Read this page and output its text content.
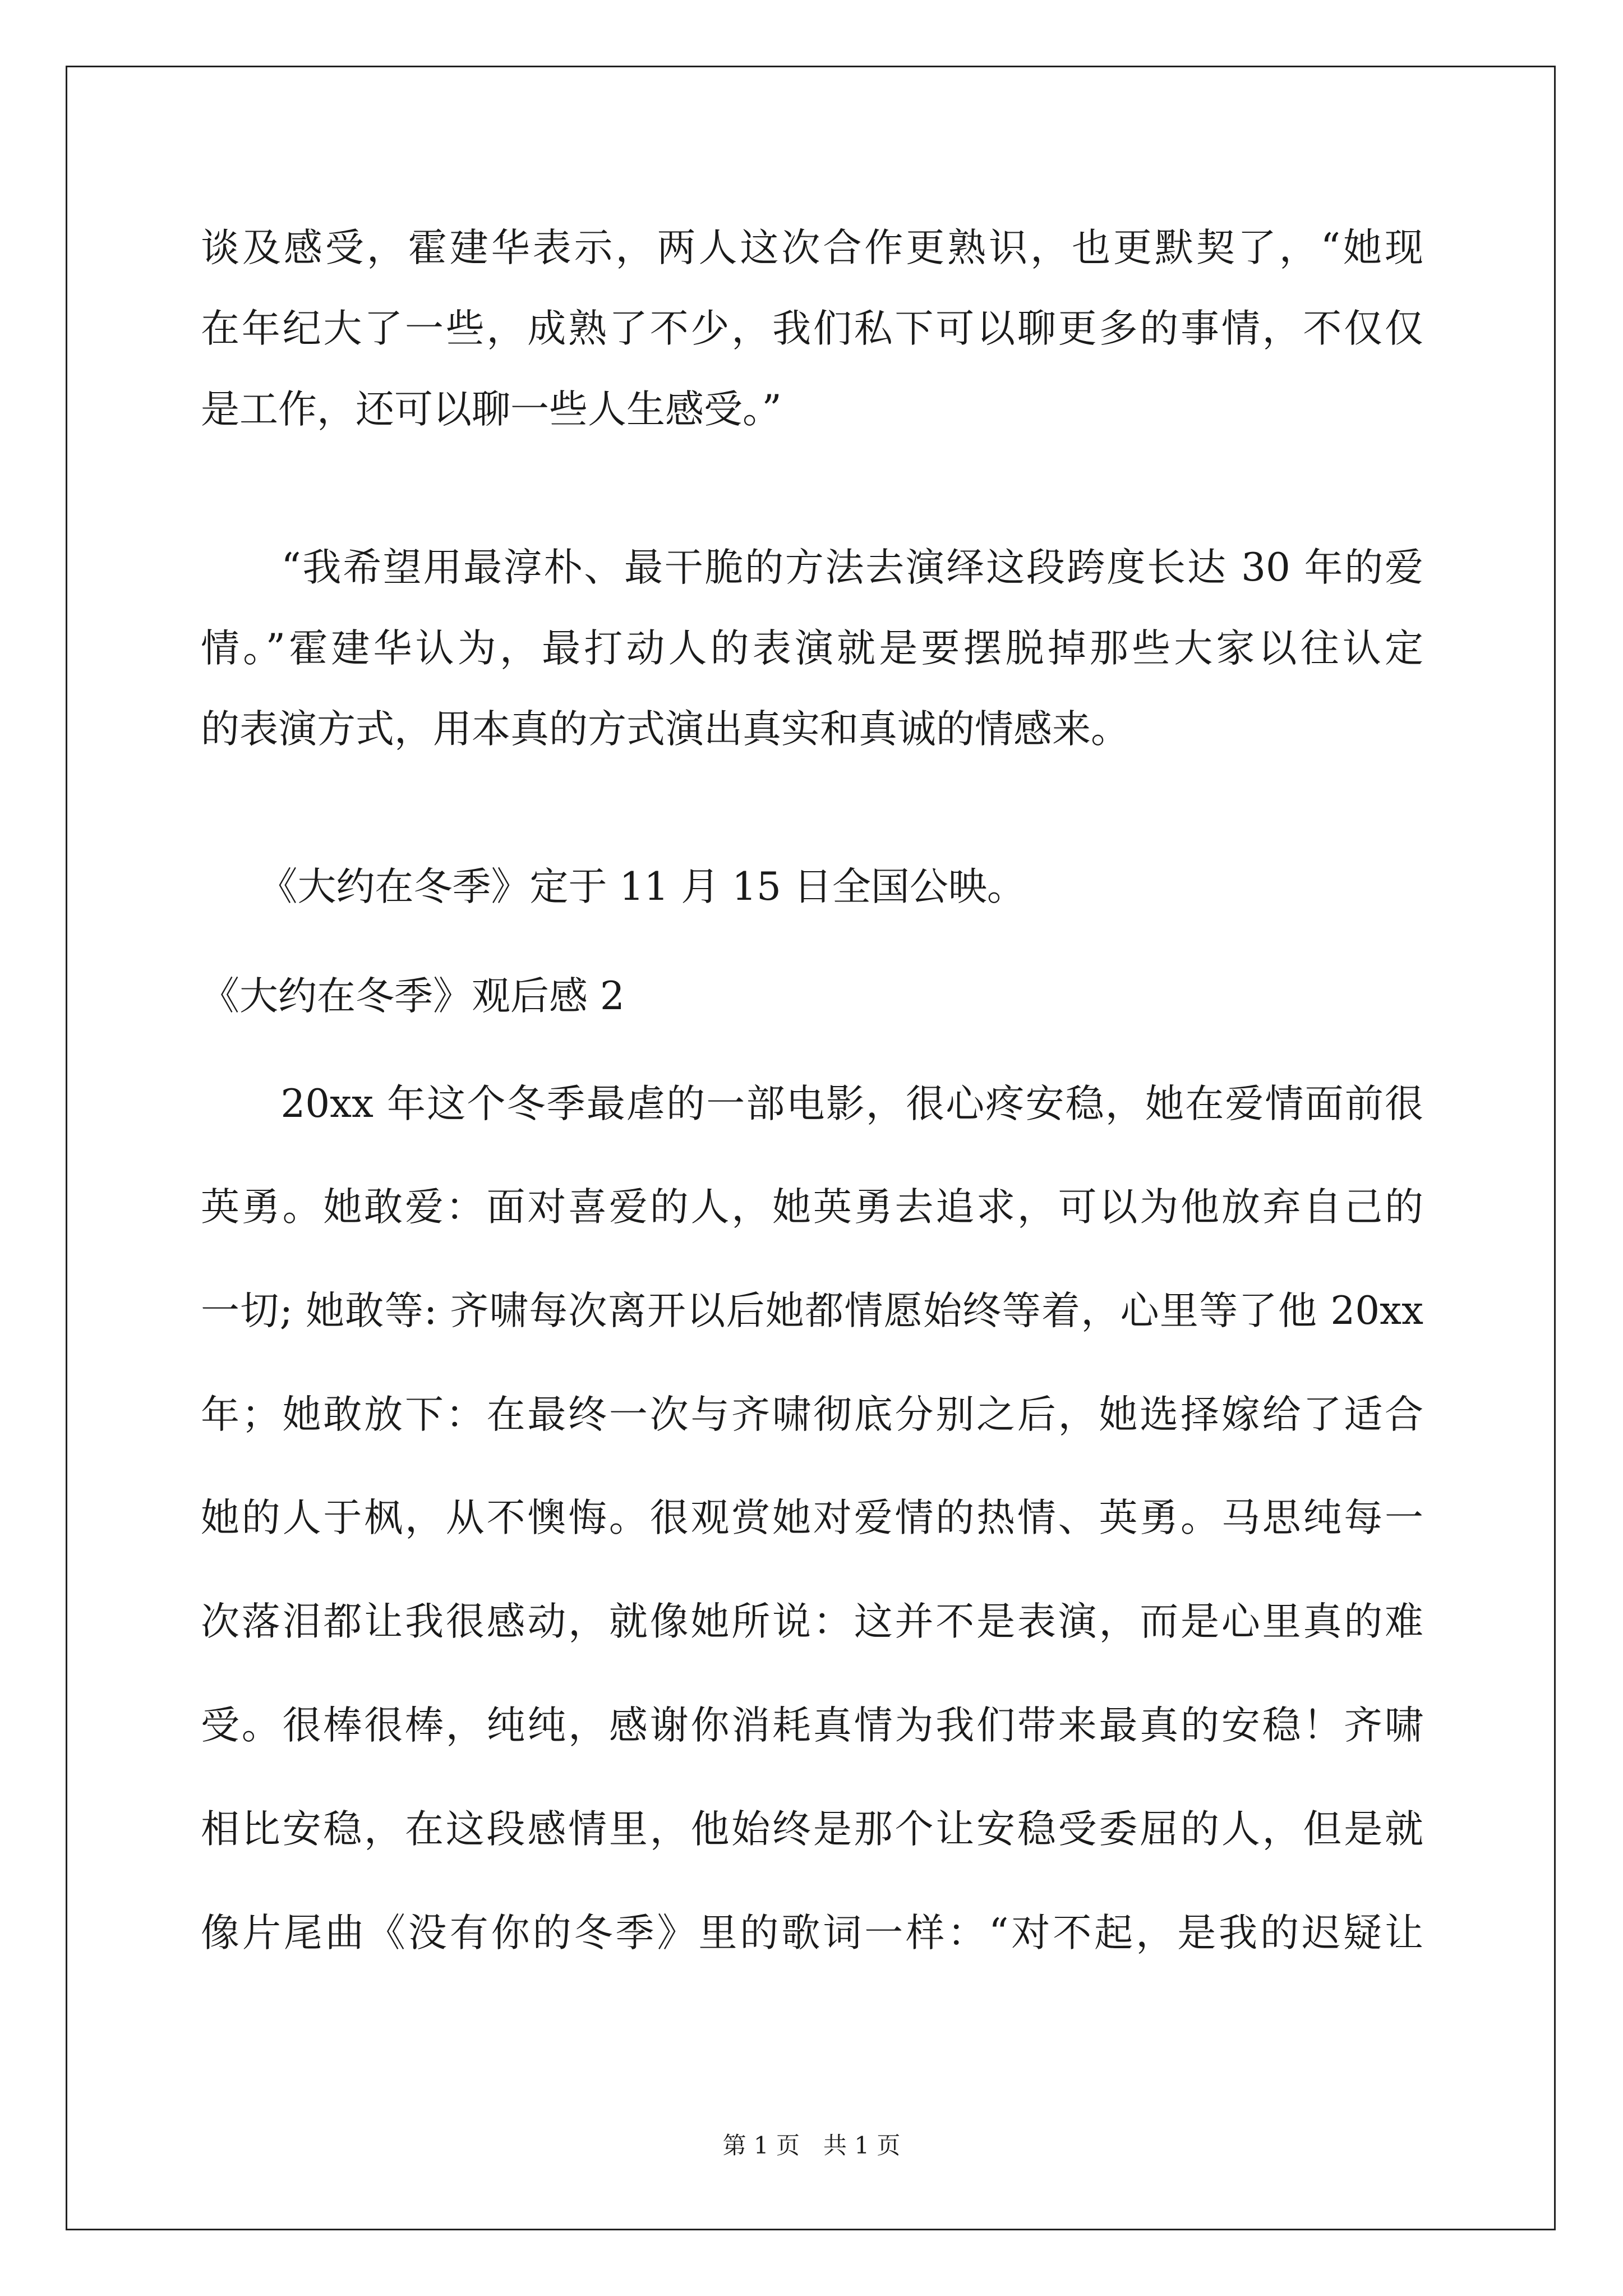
谈及感受，霍建华表示，两人这次合作更熟识，也更默契了，“她现
在年纪大了一些，成熟了不少，我们私下可以聊更多的事情，不仅仅
是工作，还可以聊一些人生感受。”
　　“我希望用最淳朴、最干脆的方法去演绎这段跨度长达 30 年的爱
情。”霍建华认为，最打动人的表演就是要摆脱掉那些大家以往认定
的表演方式，用本真的方式演出真实和真诚的情感来。
　　《大约在冬季》定于 11 月 15 日全国公映。
《大约在冬季》观后感 2
　　20xx 年这个冬季最虐的一部电影，很心疼安稳，她在爱情面前很
英勇。她敢爱：面对喜爱的人，她英勇去追求，可以为他放弃自己的
一切; 她敢等: 齐啸每次离开以后她都情愿始终等着，心里等了他 20xx
年；她敢放下：在最终一次与齐啸彻底分别之后，她选择嫁给了适合
她的人于枫，从不懊悔。很观赏她对爱情的热情、英勇。马思纯每一
次落泪都让我很感动，就像她所说：这并不是表演，而是心里真的难
受。很棒很棒，纯纯，感谢你消耗真情为我们带来最真的安稳！齐啸
相比安稳，在这段感情里，他始终是那个让安稳受委屈的人，但是就
像片尾曲《没有你的冬季》里的歌词一样：“对不起，是我的迟疑让
第 1 页　共 1 页
